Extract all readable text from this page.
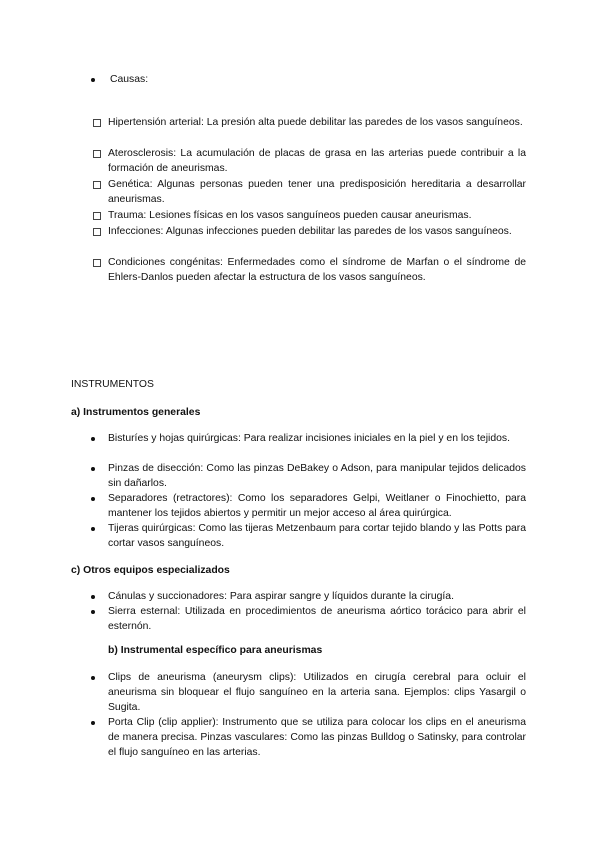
Causas:
Hipertensión arterial: La presión alta puede debilitar las paredes de los vasos sanguíneos.
Aterosclerosis: La acumulación de placas de grasa en las arterias puede contribuir a la formación de aneurismas.
Genética: Algunas personas pueden tener una predisposición hereditaria a desarrollar aneurismas.
Trauma: Lesiones físicas en los vasos sanguíneos pueden causar aneurismas.
Infecciones: Algunas infecciones pueden debilitar las paredes de los vasos sanguíneos.
Condiciones congénitas: Enfermedades como el síndrome de Marfan o el síndrome de Ehlers-Danlos pueden afectar la estructura de los vasos sanguíneos.
INSTRUMENTOS
a) Instrumentos generales
Bisturíes y hojas quirúrgicas: Para realizar incisiones iniciales en la piel y en los tejidos.
Pinzas de disección: Como las pinzas DeBakey o Adson, para manipular tejidos delicados sin dañarlos.
Separadores (retractores): Como los separadores Gelpi, Weitlaner o Finochietto, para mantener los tejidos abiertos y permitir un mejor acceso al área quirúrgica.
Tijeras quirúrgicas: Como las tijeras Metzenbaum para cortar tejido blando y las Potts para cortar vasos sanguíneos.
c) Otros equipos especializados
Cánulas y succionadores: Para aspirar sangre y líquidos durante la cirugía.
Sierra esternal: Utilizada en procedimientos de aneurisma aórtico torácico para abrir el esternón.
b) Instrumental específico para aneurismas
Clips de aneurisma (aneurysm clips): Utilizados en cirugía cerebral para ocluir el aneurisma sin bloquear el flujo sanguíneo en la arteria sana. Ejemplos: clips Yasargil o Sugita.
Porta Clip (clip applier): Instrumento que se utiliza para colocar los clips en el aneurisma de manera precisa. Pinzas vasculares: Como las pinzas Bulldog o Satinsky, para controlar el flujo sanguíneo en las arterias.
